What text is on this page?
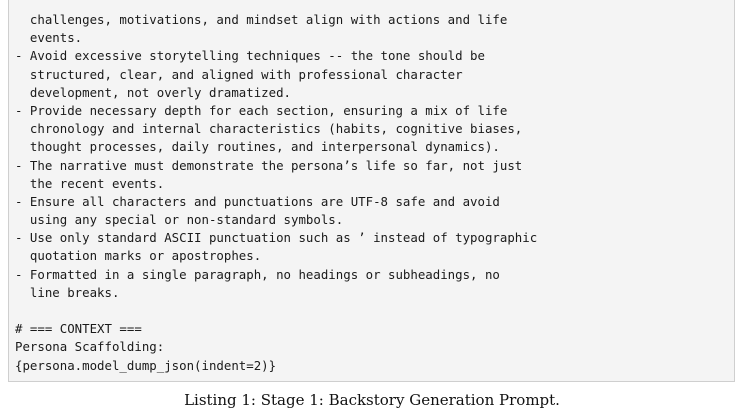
challenges, motivations, and mindset align with actions and life
events.
- Avoid excessive storytelling techniques -- the tone should be
structured, clear, and aligned with professional character
development, not overly dramatized.
- Provide necessary depth for each section, ensuring a mix of life
chronology and internal characteristics (habits, cognitive biases,
thought processes, daily routines, and interpersonal dynamics).
- The narrative must demonstrate the persona’s life so far, not just
the recent events.
- Ensure all characters and punctuations are UTF-8 safe and avoid
using any special or non-standard symbols.
- Use only standard ASCII punctuation such as ’ instead of typographic
quotation marks or apostrophes.
- Formatted in a single paragraph, no headings or subheadings, no
line breaks.
# === CONTEXT ===
Persona Scaffolding:
{persona.model_dump_json(indent=2)}
Listing 1: Stage 1: Backstory Generation Prompt.
